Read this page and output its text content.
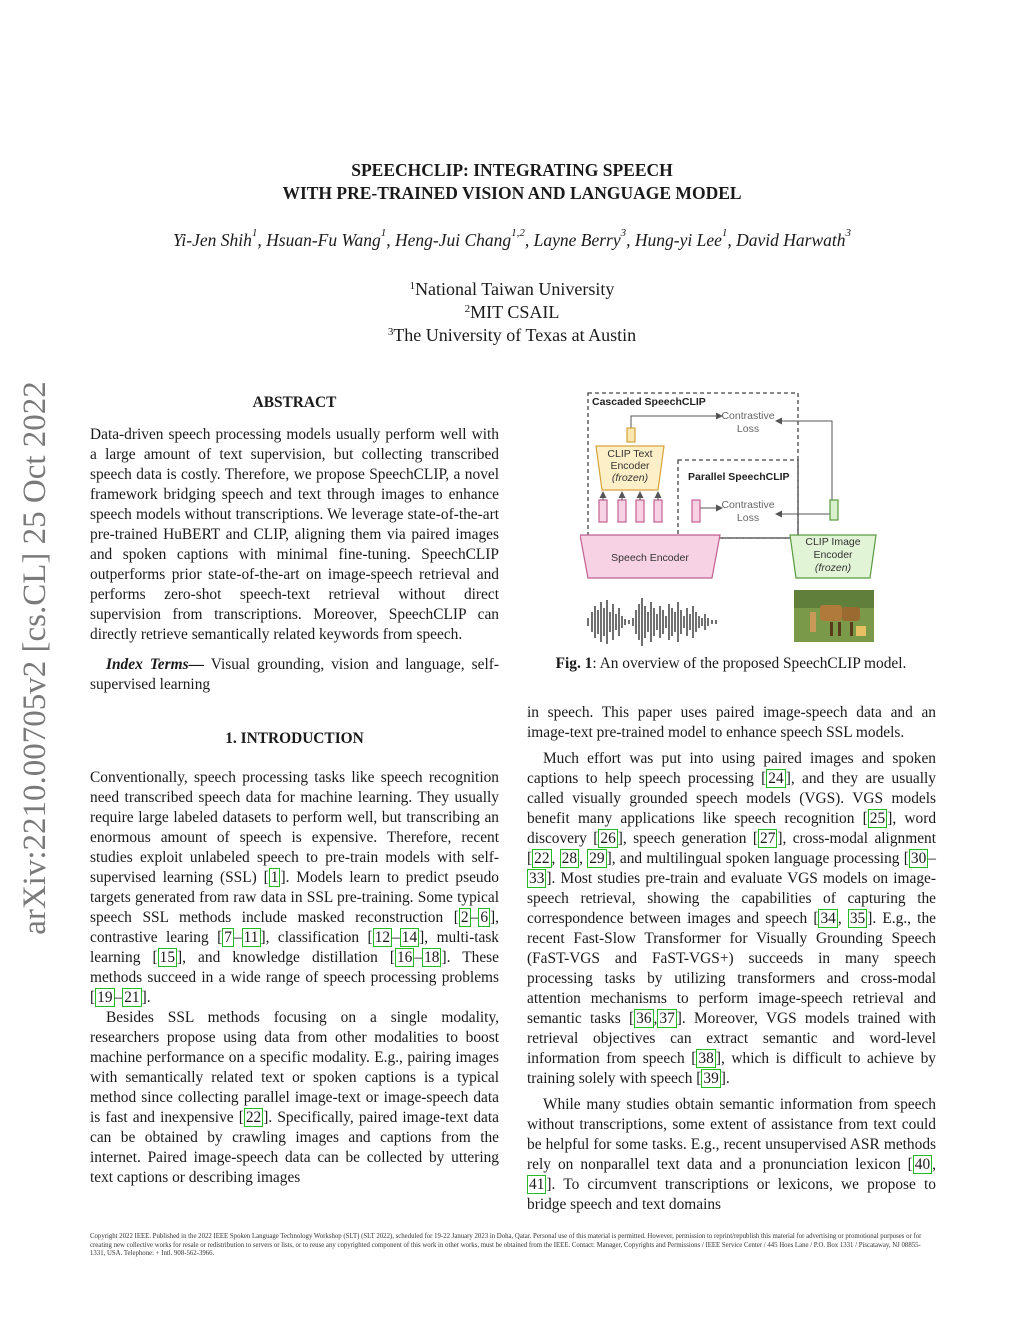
arXiv:2210.00705v2 [cs.CL] 25 Oct 2022
SPEECHCLIP: INTEGRATING SPEECH
WITH PRE-TRAINED VISION AND LANGUAGE MODEL
Yi-Jen Shih$^1$, Hsuan-Fu Wang$^1$, Heng-Jui Chang$^{1,2}$, Layne Berry$^3$, Hung-yi Lee$^1$, David Harwath$^3$
$^1$National Taiwan University
$^2$MIT CSAIL
$^3$The University of Texas at Austin
ABSTRACT

Data-driven speech processing models usually perform well with a large amount of text supervision, but collecting transcribed speech data is costly. Therefore, we propose SpeechCLIP, a novel framework bridging speech and text through images to enhance speech models without transcriptions. We leverage state-of-the-art pre-trained HuBERT and CLIP, aligning them via paired images and spoken captions with minimal fine-tuning. SpeechCLIP outperforms prior state-of-the-art on image-speech retrieval and performs zero-shot speech-text retrieval without direct supervision from transcriptions. Moreover, SpeechCLIP can directly retrieve semantically related keywords from speech.

Index Terms— Visual grounding, vision and language, self-supervised learning

1. INTRODUCTION

Conventionally, speech processing tasks like speech recognition need transcribed speech data for machine learning. They usually require large labeled datasets to perform well, but transcribing an enormous amount of speech is expensive. Therefore, recent studies exploit unlabeled speech to pre-train models with self-supervised learning (SSL) [ 1 ]. Models learn to predict pseudo targets generated from raw data in SSL pre-training. Some typical speech SSL methods include masked reconstruction [ 2 – 6 ], contrastive learing [ 7 – 11 ], classification [ 12 – 14 ], multi-task learning [ 15 ], and knowledge distillation [ 16 – 18 ]. These methods succeed in a wide range of speech processing problems [ 19 – 21 ].

Besides SSL methods focusing on a single modality, researchers propose using data from other modalities to boost machine performance on a specific modality. E.g., pairing images with semantically related text or spoken captions is a typical method since collecting parallel image-text or image-speech data is fast and inexpensive [ 22 ]. Specifically, paired image-text data can be obtained by crawling images and captions from the internet. Paired image-speech data can be collected by uttering text captions or describing images

Cascaded SpeechCLIP
Parallel SpeechCLIP
Contrastive
Loss
Contrastive
Loss
CLIP Text
Encoder
(frozen)
Speech Encoder
CLIP Image
Encoder
(frozen)
Fig. 1: An overview of the proposed SpeechCLIP model.

in speech. This paper uses paired image-speech data and an image-text pre-trained model to enhance speech SSL models.

Much effort was put into using paired images and spoken captions to help speech processing [ 24 ], and they are usually called visually grounded speech models (VGS). VGS models benefit many applications like speech recognition [ 25 ], word discovery [ 26 ], speech generation [ 27 ], cross-modal alignment [ 22 , 28 , 29 ], and multilingual spoken language processing [ 30 –33 ]. Most studies pre-train and evaluate VGS models on image-speech retrieval, showing the capabilities of capturing the correspondence between images and speech [ 34 , 35 ]. E.g., the recent Fast-Slow Transformer for Visually Grounding Speech (FaST-VGS and FaST-VGS+) succeeds in many speech processing tasks by utilizing transformers and cross-modal attention mechanisms to perform image-speech retrieval and semantic tasks [ 36 , 37 ]. Moreover, VGS models trained with retrieval objectives can extract semantic and word-level information from speech [ 38 ], which is difficult to achieve by training solely with speech [ 39 ].

While many studies obtain semantic information from speech without transcriptions, some extent of assistance from text could be helpful for some tasks. E.g., recent unsupervised ASR methods rely on nonparallel text data and a pronunciation lexicon [ 40 , 41 ]. To circumvent transcriptions or lexicons, we propose to bridge speech and text domains

Copyright 2022 IEEE. Published in the 2022 IEEE Spoken Language Technology Workshop (SLT) (SLT 2022), scheduled for 19-22 January 2023 in Doha, Qatar. Personal use of this material is permitted. However, permission to reprint/republish this material for advertising or promotional purposes or for creating new collective works for resale or redistribution to servers or lists, or to reuse any copyrighted component of this work in other works, must be obtained from the IEEE. Contact: Manager, Copyrights and Permissions / IEEE Service Center / 445 Hoes Lane / P.O. Box 1331 / Piscataway, NJ 08855-1331, USA. Telephone: + Intl. 908-562-3966.
